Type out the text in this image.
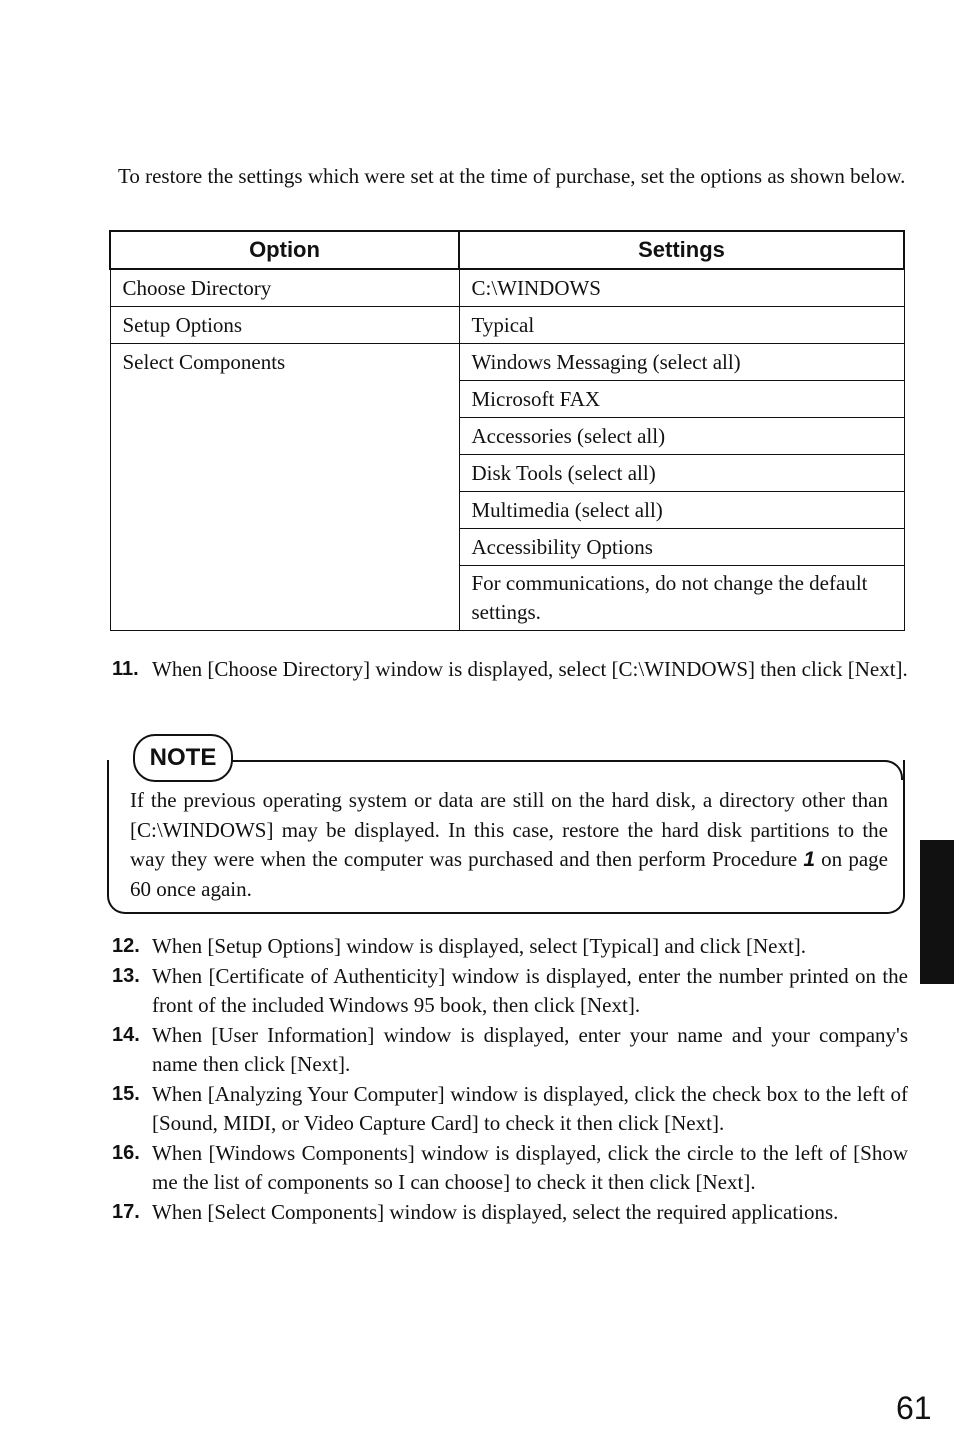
To restore the settings which were set at the time of purchase, set the options as shown below.

Option	Settings
Choose Directory	C:\WINDOWS
Setup Options	Typical
Select Components	Windows Messaging (select all)
	Microsoft FAX
	Accessories (select all)
	Disk Tools (select all)
	Multimedia (select all)
	Accessibility Options
	For communications, do not change the default settings.
11. When [Choose Directory] window is displayed, select [C:\WINDOWS] then click [Next].
NOTE

If the previous operating system or data are still on the hard disk, a directory other than [C:\WINDOWS] may be displayed. In this case, restore the hard disk partitions to the way they were when the computer was purchased and then perform Procedure 1 on page 60 once again.

12. When [Setup Options] window is displayed, select [Typical] and click [Next].
13. When [Certificate of Authenticity] window is displayed, enter the number printed on the front of the included Windows 95 book, then click [Next].
14. When [User Information] window is displayed, enter your name and your company's name then click [Next].
15. When [Analyzing Your Computer] window is displayed, click the check box to the left of [Sound, MIDI, or Video Capture Card] to check it then click [Next].
16. When [Windows Components] window is displayed, click the circle to the left of [Show me the list of components so I can choose] to check it then click [Next].
17. When [Select Components] window is displayed, select the required applications.
61
